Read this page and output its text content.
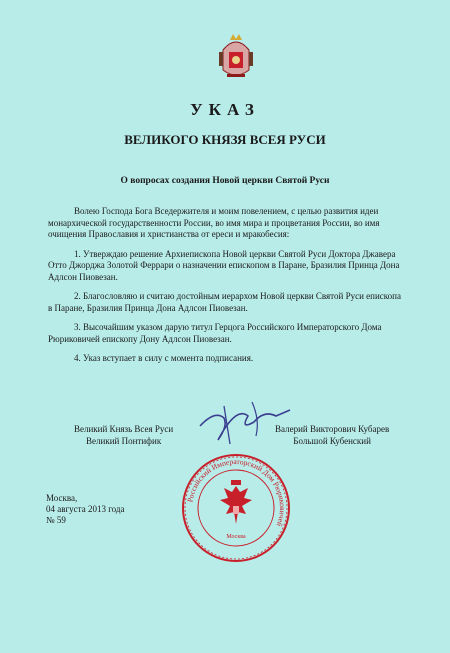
УКАЗ
ВЕЛИКОГО КНЯЗЯ ВСЕЯ РУСИ
О вопросах создания Новой церкви Святой Руси

Волею Господа Бога Вседержителя и моим повелением, с целью развития идеи монархической государственности России, во имя мира и процветания России, во имя очищения Православия и христианства от ереси и мракобесия:

1. Утверждаю решение Архиепископа Новой церкви Святой Руси Доктора Джавера Отто Джорджа Золотой Феррари о назначении епископом в Паране, Бразилия Принца Дона Адлсон Пиовезан.

2. Благословляю и считаю достойным иерархом Новой церкви Святой Руси епископа в Паране, Бразилия Принца Дона Адлсон Пиовезан.

3. Высочайшим указом дарую титул Герцога Российского Императорского Дома Рюриковичей епископу Дону Адлсон Пиовезан.

4. Указ вступает в силу с момента подписания.

Великий Князь Всея Руси
Великий Понтифик
Валерий Викторович Кубарев
Большой Кубенский
Российский Императорский Дом Рюриковичей
Москва
Москва,
04 августа 2013 года
№ 59
